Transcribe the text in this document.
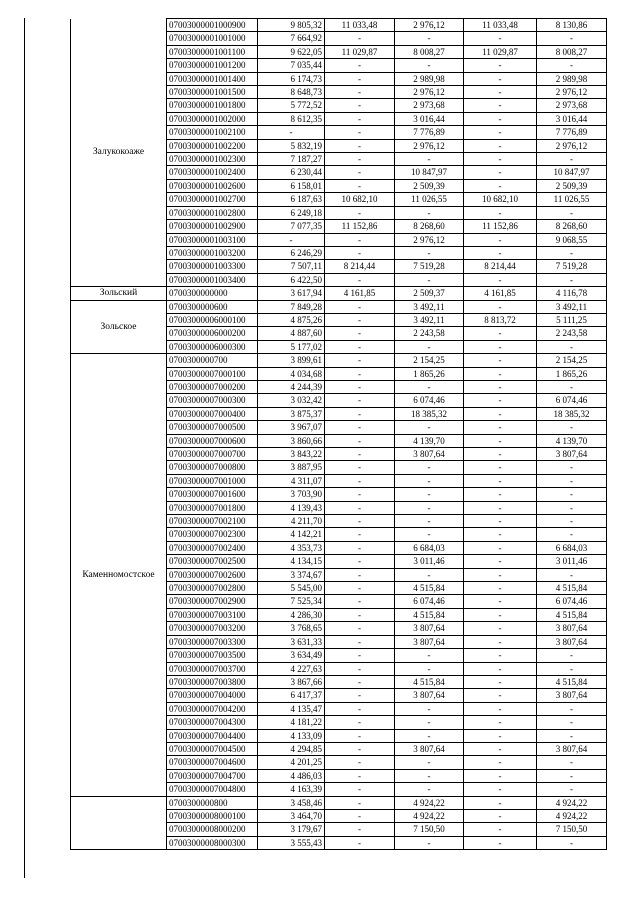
Залукокоаже	07003000001000900	9 805,32	11 033,48	2 976,12	11 033,48	8 130,86
	07003000001001000	7 664,92	-	-	-	-
	07003000001001100	9 622,05	11 029,87	8 008,27	11 029,87	8 008,27
	07003000001001200	7 035,44	-	-	-	-
	07003000001001400	6 174,73	-	2 989,98	-	2 989,98
	07003000001001500	8 648,73	-	2 976,12	-	2 976,12
	07003000001001800	5 772,52	-	2 973,68	-	2 973,68
	07003000001002000	8 612,35	-	3 016,44	-	3 016,44
	07003000001002100	-	-	7 776,89	-	7 776,89
	07003000001002200	5 832,19	-	2 976,12	-	2 976,12
	07003000001002300	7 187,27	-	-	-	-
	07003000001002400	6 230,44	-	10 847,97	-	10 847,97
	07003000001002600	6 158,01	-	2 509,39	-	2 509,39
	07003000001002700	6 187,63	10 682,10	11 026,55	10 682,10	11 026,55
	07003000001002800	6 249,18	-	-	-	-
	07003000001002900	7 077,35	11 152,86	8 268,60	11 152,86	8 268,60
	07003000001003100	-	-	2 976,12	-	9 068,55
	07003000001003200	6 246,29	-	-	-	-
	07003000001003300	7 507,11	8 214,44	7 519,28	8 214,44	7 519,28
	07003000001003400	6 422,50	-	-	-	-
Зольский	0700300000000	3 617,94	4 161,85	2 509,37	4 161,85	4 116,78
Зольское	0700300000600	7 849,28	-	3 492,11	-	3 492,11
	07003000006000100	4 875,26	-	3 492,11	8 813,72	5 111,25
	07003000006000200	4 887,60	-	2 243,58	-	2 243,58
	07003000006000300	5 177,02	-	-	-	-
Каменномостское	0700300000700	3 899,61	-	2 154,25	-	2 154,25
	07003000007000100	4 034,68	-	1 865,26	-	1 865,26
	07003000007000200	4 244,39	-	-	-	-
	07003000007000300	3 032,42	-	6 074,46	-	6 074,46
	07003000007000400	3 875,37	-	18 385,32	-	18 385,32
	07003000007000500	3 967,07	-	-	-	-
	07003000007000600	3 860,66	-	4 139,70	-	4 139,70
	07003000007000700	3 843,22	-	3 807,64	-	3 807,64
	07003000007000800	3 887,95	-	-	-	-
	07003000007001000	4 311,07	-	-	-	-
	07003000007001600	3 703,90	-	-	-	-
	07003000007001800	4 139,43	-	-	-	-
	07003000007002100	4 211,70	-	-	-	-
	07003000007002300	4 142,21	-	-	-	-
	07003000007002400	4 353,73	-	6 684,03	-	6 684,03
	07003000007002500	4 134,15	-	3 011,46	-	3 011,46
	07003000007002600	3 374,67	-	-	-	-
	07003000007002800	5 545,00	-	4 515,84	-	4 515,84
	07003000007002900	7 525,34	-	6 074,46	-	6 074,46
	07003000007003100	4 286,30	-	4 515,84	-	4 515,84
	07003000007003200	3 768,65	-	3 807,64	-	3 807,64
	07003000007003300	3 631,33	-	3 807,64	-	3 807,64
	07003000007003500	3 634,49	-	-	-	-
	07003000007003700	4 227,63	-	-	-	-
	07003000007003800	3 867,66	-	4 515,84	-	4 515,84
	07003000007004000	6 417,37	-	3 807,64	-	3 807,64
	07003000007004200	4 135,47	-	-	-	-
	07003000007004300	4 181,22	-	-	-	-
	07003000007004400	4 133,09	-	-	-	-
	07003000007004500	4 294,85	-	3 807,64	-	3 807,64
	07003000007004600	4 201,25	-	-	-	-
	07003000007004700	4 486,03	-	-	-	-
	07003000007004800	4 163,39	-	-	-	-
	0700300000800	3 458,46	-	4 924,22	-	4 924,22
	07003000008000100	3 464,70	-	4 924,22	-	4 924,22
	07003000008000200	3 179,67	-	7 150,50	-	7 150,50
	07003000008000300	3 555,43	-	-	-	-
